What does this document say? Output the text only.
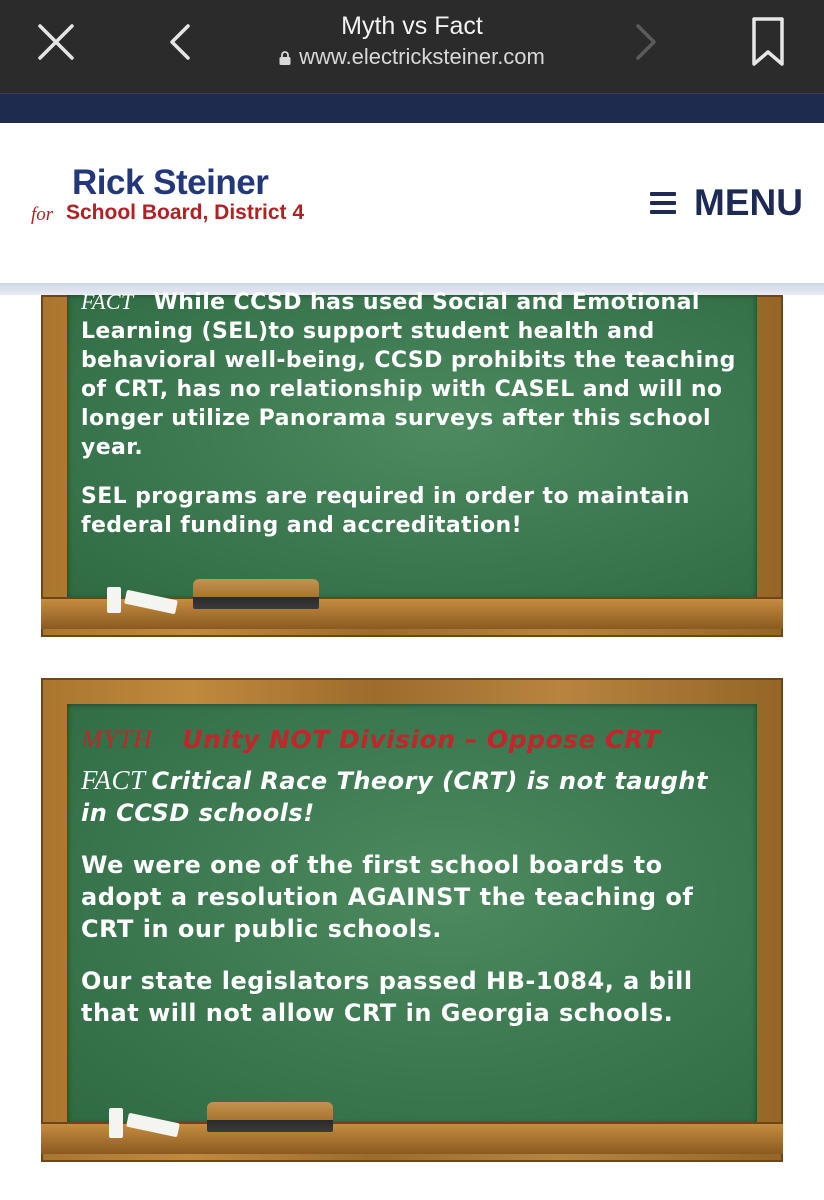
Myth vs Fact
www.electricksteiner.com
Rick Steiner
for School Board, District 4	MENU

FACT While CCSD has used Social and Emotional Learning (SEL)to support student health and behavioral well-being, CCSD prohibits the teaching of CRT, has no relationship with CASEL and will no longer utilize Panorama surveys after this school year.

SEL programs are required in order to maintain federal funding and accreditation!

MYTH Unity NOT Division – Oppose CRT

FACT Critical Race Theory (CRT) is not taught in CCSD schools!

We were one of the first school boards to adopt a resolution AGAINST the teaching of CRT in our public schools.

Our state legislators passed HB-1084, a bill that will not allow CRT in Georgia schools.
